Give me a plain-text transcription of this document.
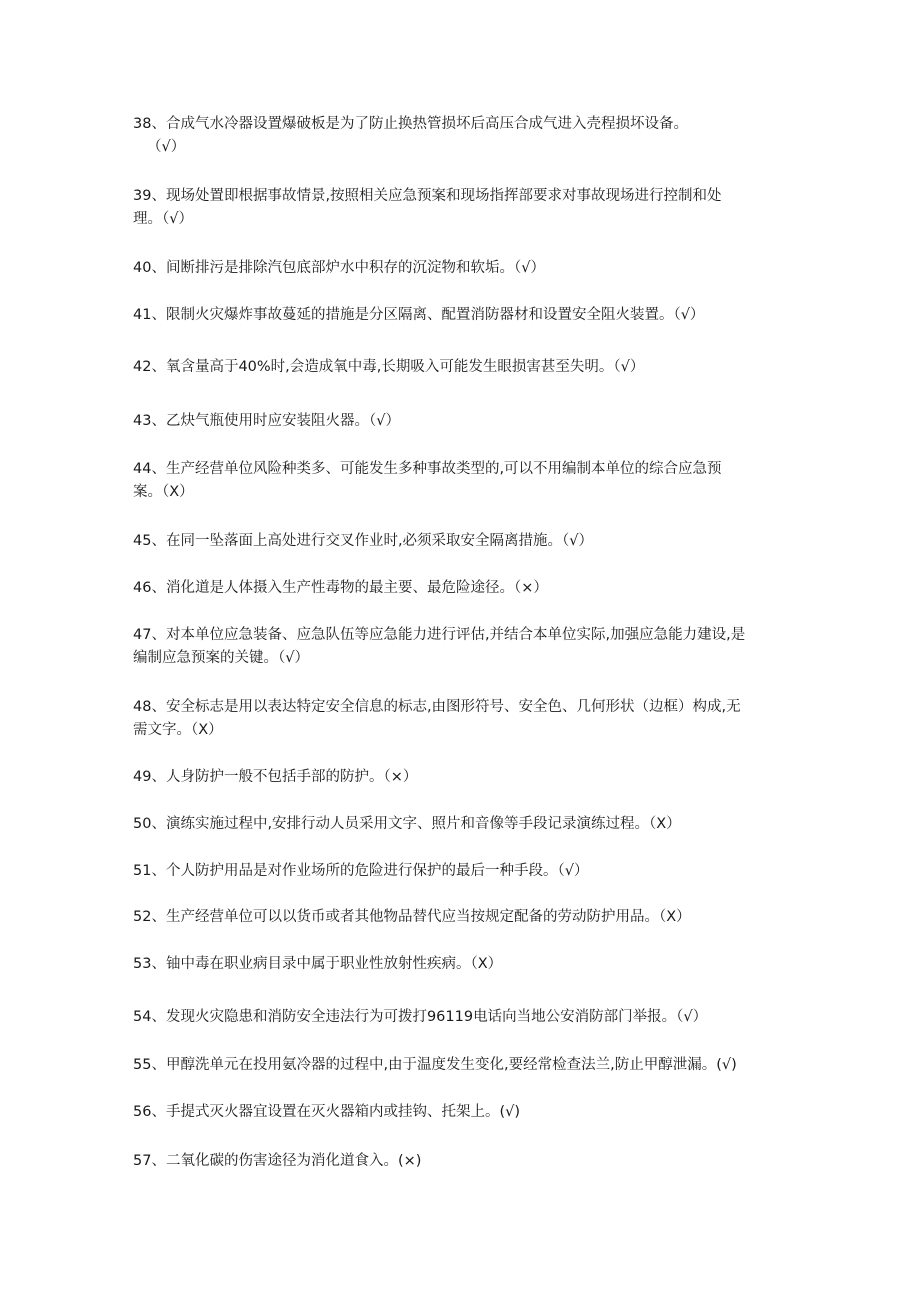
38、合成气水冷器设置爆破板是为了防止换热管损坏后高压合成气进入壳程损坏设备。
（√）
39、现场处置即根据事故情景,按照相关应急预案和现场指挥部要求对事故现场进行控制和处
理。（√）
40、间断排污是排除汽包底部炉水中积存的沉淀物和软垢。（√）
41、限制火灾爆炸事故蔓延的措施是分区隔离、配置消防器材和设置安全阻火装置。（√）
42、氧含量高于40%时,会造成氧中毒,长期吸入可能发生眼损害甚至失明。（√）
43、乙炔气瓶使用时应安装阻火器。（√）
44、生产经营单位风险种类多、可能发生多种事故类型的,可以不用编制本单位的综合应急预
案。（X）
45、在同一坠落面上高处进行交叉作业时,必须采取安全隔离措施。（√）
46、消化道是人体摄入生产性毒物的最主要、最危险途径。（×）
47、对本单位应急装备、应急队伍等应急能力进行评估,并结合本单位实际,加强应急能力建设,是
编制应急预案的关键。（√）
48、安全标志是用以表达特定安全信息的标志,由图形符号、安全色、几何形状（边框）构成,无
需文字。（X）
49、人身防护一般不包括手部的防护。（×）
50、演练实施过程中,安排行动人员采用文字、照片和音像等手段记录演练过程。（X）
51、个人防护用品是对作业场所的危险进行保护的最后一种手段。（√）
52、生产经营单位可以以货币或者其他物品替代应当按规定配备的劳动防护用品。（X）
53、铀中毒在职业病目录中属于职业性放射性疾病。（X）
54、发现火灾隐患和消防安全违法行为可拨打96119电话向当地公安消防部门举报。（√）
55、甲醇洗单元在投用氨冷器的过程中,由于温度发生变化,要经常检查法兰,防止甲醇泄漏。(√)
56、手提式灭火器宜设置在灭火器箱内或挂钩、托架上。(√)
57、二氧化碳的伤害途径为消化道食入。(×)
